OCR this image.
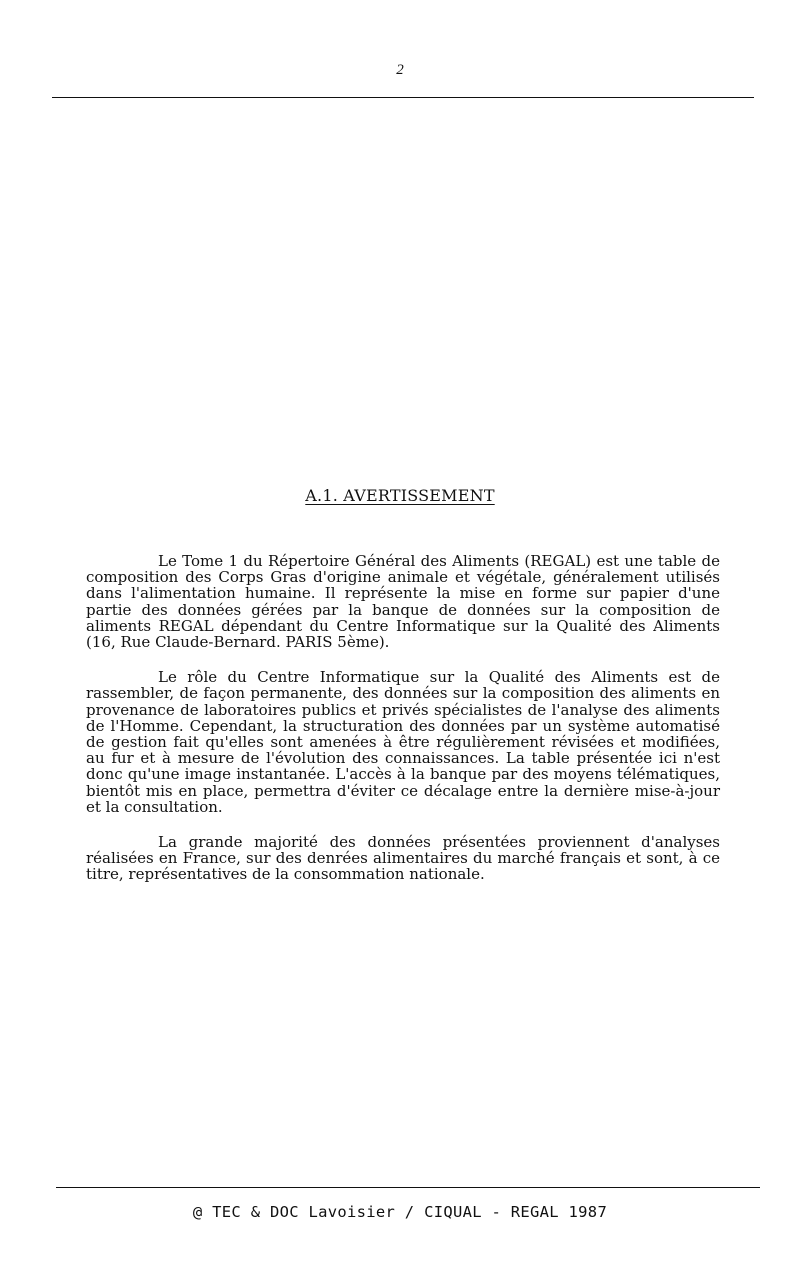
2
A.1. AVERTISSEMENT

Le Tome 1 du Répertoire Général des Aliments (REGAL) est une table de composition des Corps Gras d'origine animale et végétale, généralement utilisés dans l'alimentation humaine. Il représente la mise en forme sur papier d'une partie des données gérées par la banque de données sur la composition de aliments REGAL dépendant du Centre Informatique sur la Qualité des Aliments (16, Rue Claude-Bernard. PARIS 5ème).

Le rôle du Centre Informatique sur la Qualité des Aliments est de rassembler, de façon permanente, des données sur la composition des aliments en provenance de laboratoires publics et privés spécialistes de l'analyse des aliments de l'Homme. Cependant, la structuration des données par un système automatisé de gestion fait qu'elles sont amenées à être régulièrement révisées et modifiées, au fur et à mesure de l'évolution des connaissances. La table présentée ici n'est donc qu'une image instantanée. L'accès à la banque par des moyens télématiques, bientôt mis en place, permettra d'éviter ce décalage entre la dernière mise-à-jour et la consultation.

La grande majorité des données présentées proviennent d'analyses réalisées en France, sur des denrées alimentaires du marché français et sont, à ce titre, représentatives de la consommation nationale.

@ TEC & DOC Lavoisier / CIQUAL - REGAL 1987
